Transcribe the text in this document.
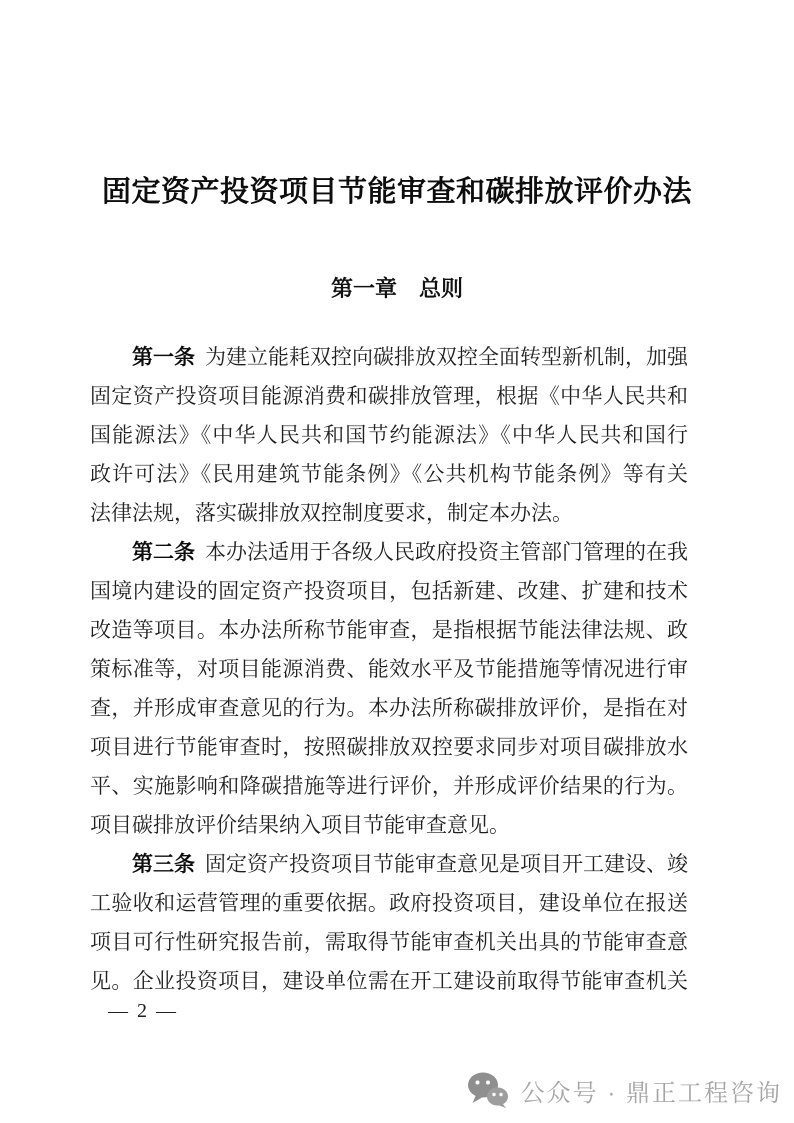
固定资产投资项目节能审查和碳排放评价办法
第一章　总则
第一条 为建立能耗双控向碳排放双控全面转型新机制，加强
固定资产投资项目能源消费和碳排放管理，根据《中华人民共和
国能源法》《中华人民共和国节约能源法》《中华人民共和国行
政许可法》《民用建筑节能条例》《公共机构节能条例》等有关
法律法规，落实碳排放双控制度要求，制定本办法。
第二条 本办法适用于各级人民政府投资主管部门管理的在我
国境内建设的固定资产投资项目，包括新建、改建、扩建和技术
改造等项目。本办法所称节能审查，是指根据节能法律法规、政
策标准等，对项目能源消费、能效水平及节能措施等情况进行审
查，并形成审查意见的行为。本办法所称碳排放评价，是指在对
项目进行节能审查时，按照碳排放双控要求同步对项目碳排放水
平、实施影响和降碳措施等进行评价，并形成评价结果的行为。
项目碳排放评价结果纳入项目节能审查意见。
第三条 固定资产投资项目节能审查意见是项目开工建设、竣
工验收和运营管理的重要依据。政府投资项目，建设单位在报送
项目可行性研究报告前，需取得节能审查机关出具的节能审查意
见。企业投资项目，建设单位需在开工建设前取得节能审查机关
— 2 —
公众号 · 鼎正工程咨询
